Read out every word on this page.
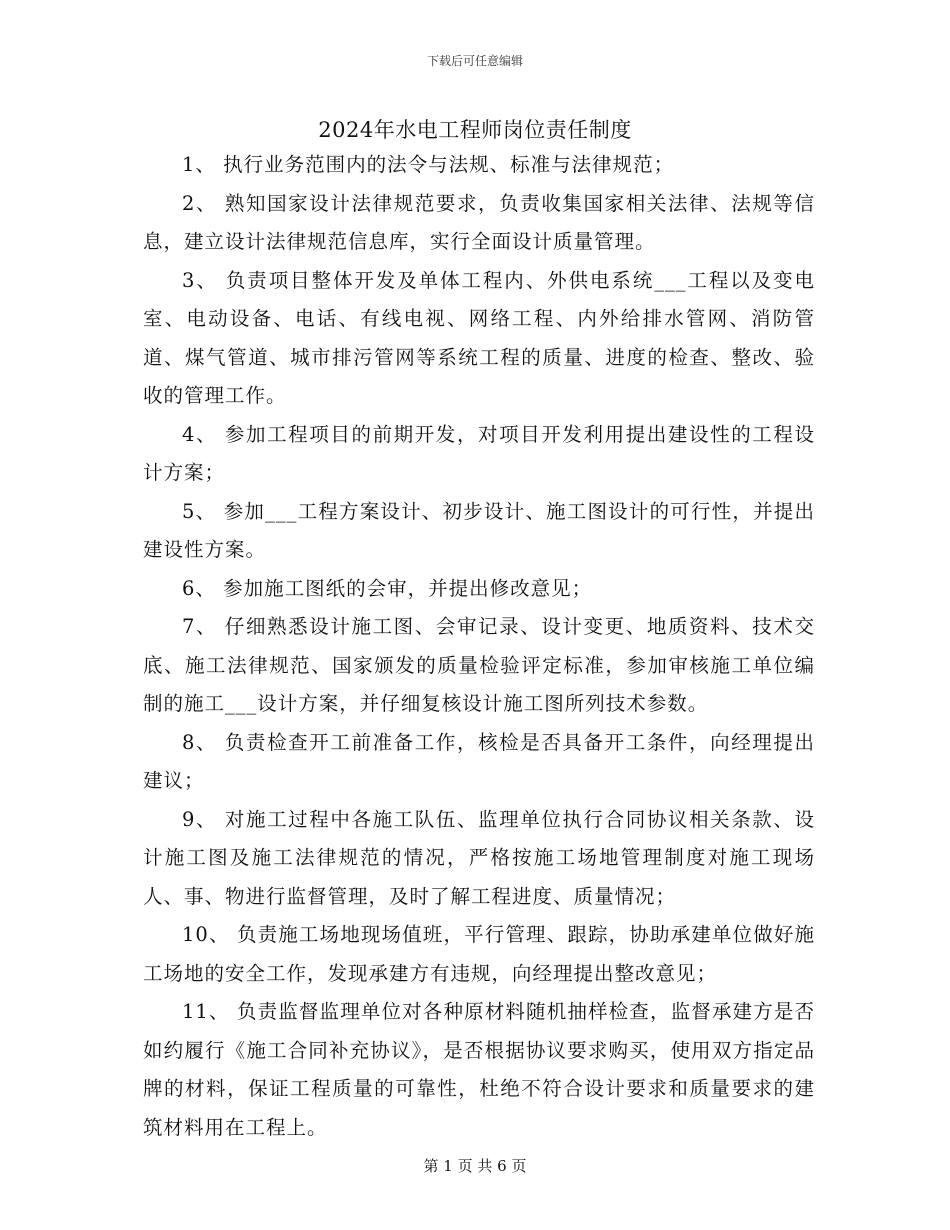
下载后可任意编辑
2024年水电工程师岗位责任制度

1、 执行业务范围内的法令与法规、标准与法律规范；

2、 熟知国家设计法律规范要求，负责收集国家相关法律、法规等信息，建立设计法律规范信息库，实行全面设计质量管理。

3、 负责项目整体开发及单体工程内、外供电系统___工程以及变电室、电动设备、电话、有线电视、网络工程、内外给排水管网、消防管道、煤气管道、城市排污管网等系统工程的质量、进度的检查、整改、验收的管理工作。

4、 参加工程项目的前期开发，对项目开发利用提出建设性的工程设计方案；

5、 参加___工程方案设计、初步设计、施工图设计的可行性，并提出建设性方案。

6、 参加施工图纸的会审，并提出修改意见；

7、 仔细熟悉设计施工图、会审记录、设计变更、地质资料、技术交底、施工法律规范、国家颁发的质量检验评定标准，参加审核施工单位编制的施工___设计方案，并仔细复核设计施工图所列技术参数。

8、 负责检查开工前准备工作，核检是否具备开工条件，向经理提出建议；

9、 对施工过程中各施工队伍、监理单位执行合同协议相关条款、设计施工图及施工法律规范的情况，严格按施工场地管理制度对施工现场人、事、物进行监督管理，及时了解工程进度、质量情况；

10、 负责施工场地现场值班，平行管理、跟踪，协助承建单位做好施工场地的安全工作，发现承建方有违规，向经理提出整改意见；

11、 负责监督监理单位对各种原材料随机抽样检查，监督承建方是否如约履行《施工合同补充协议》，是否根据协议要求购买，使用双方指定品牌的材料，保证工程质量的可靠性，杜绝不符合设计要求和质量要求的建筑材料用在工程上。

第 1 页 共 6 页
